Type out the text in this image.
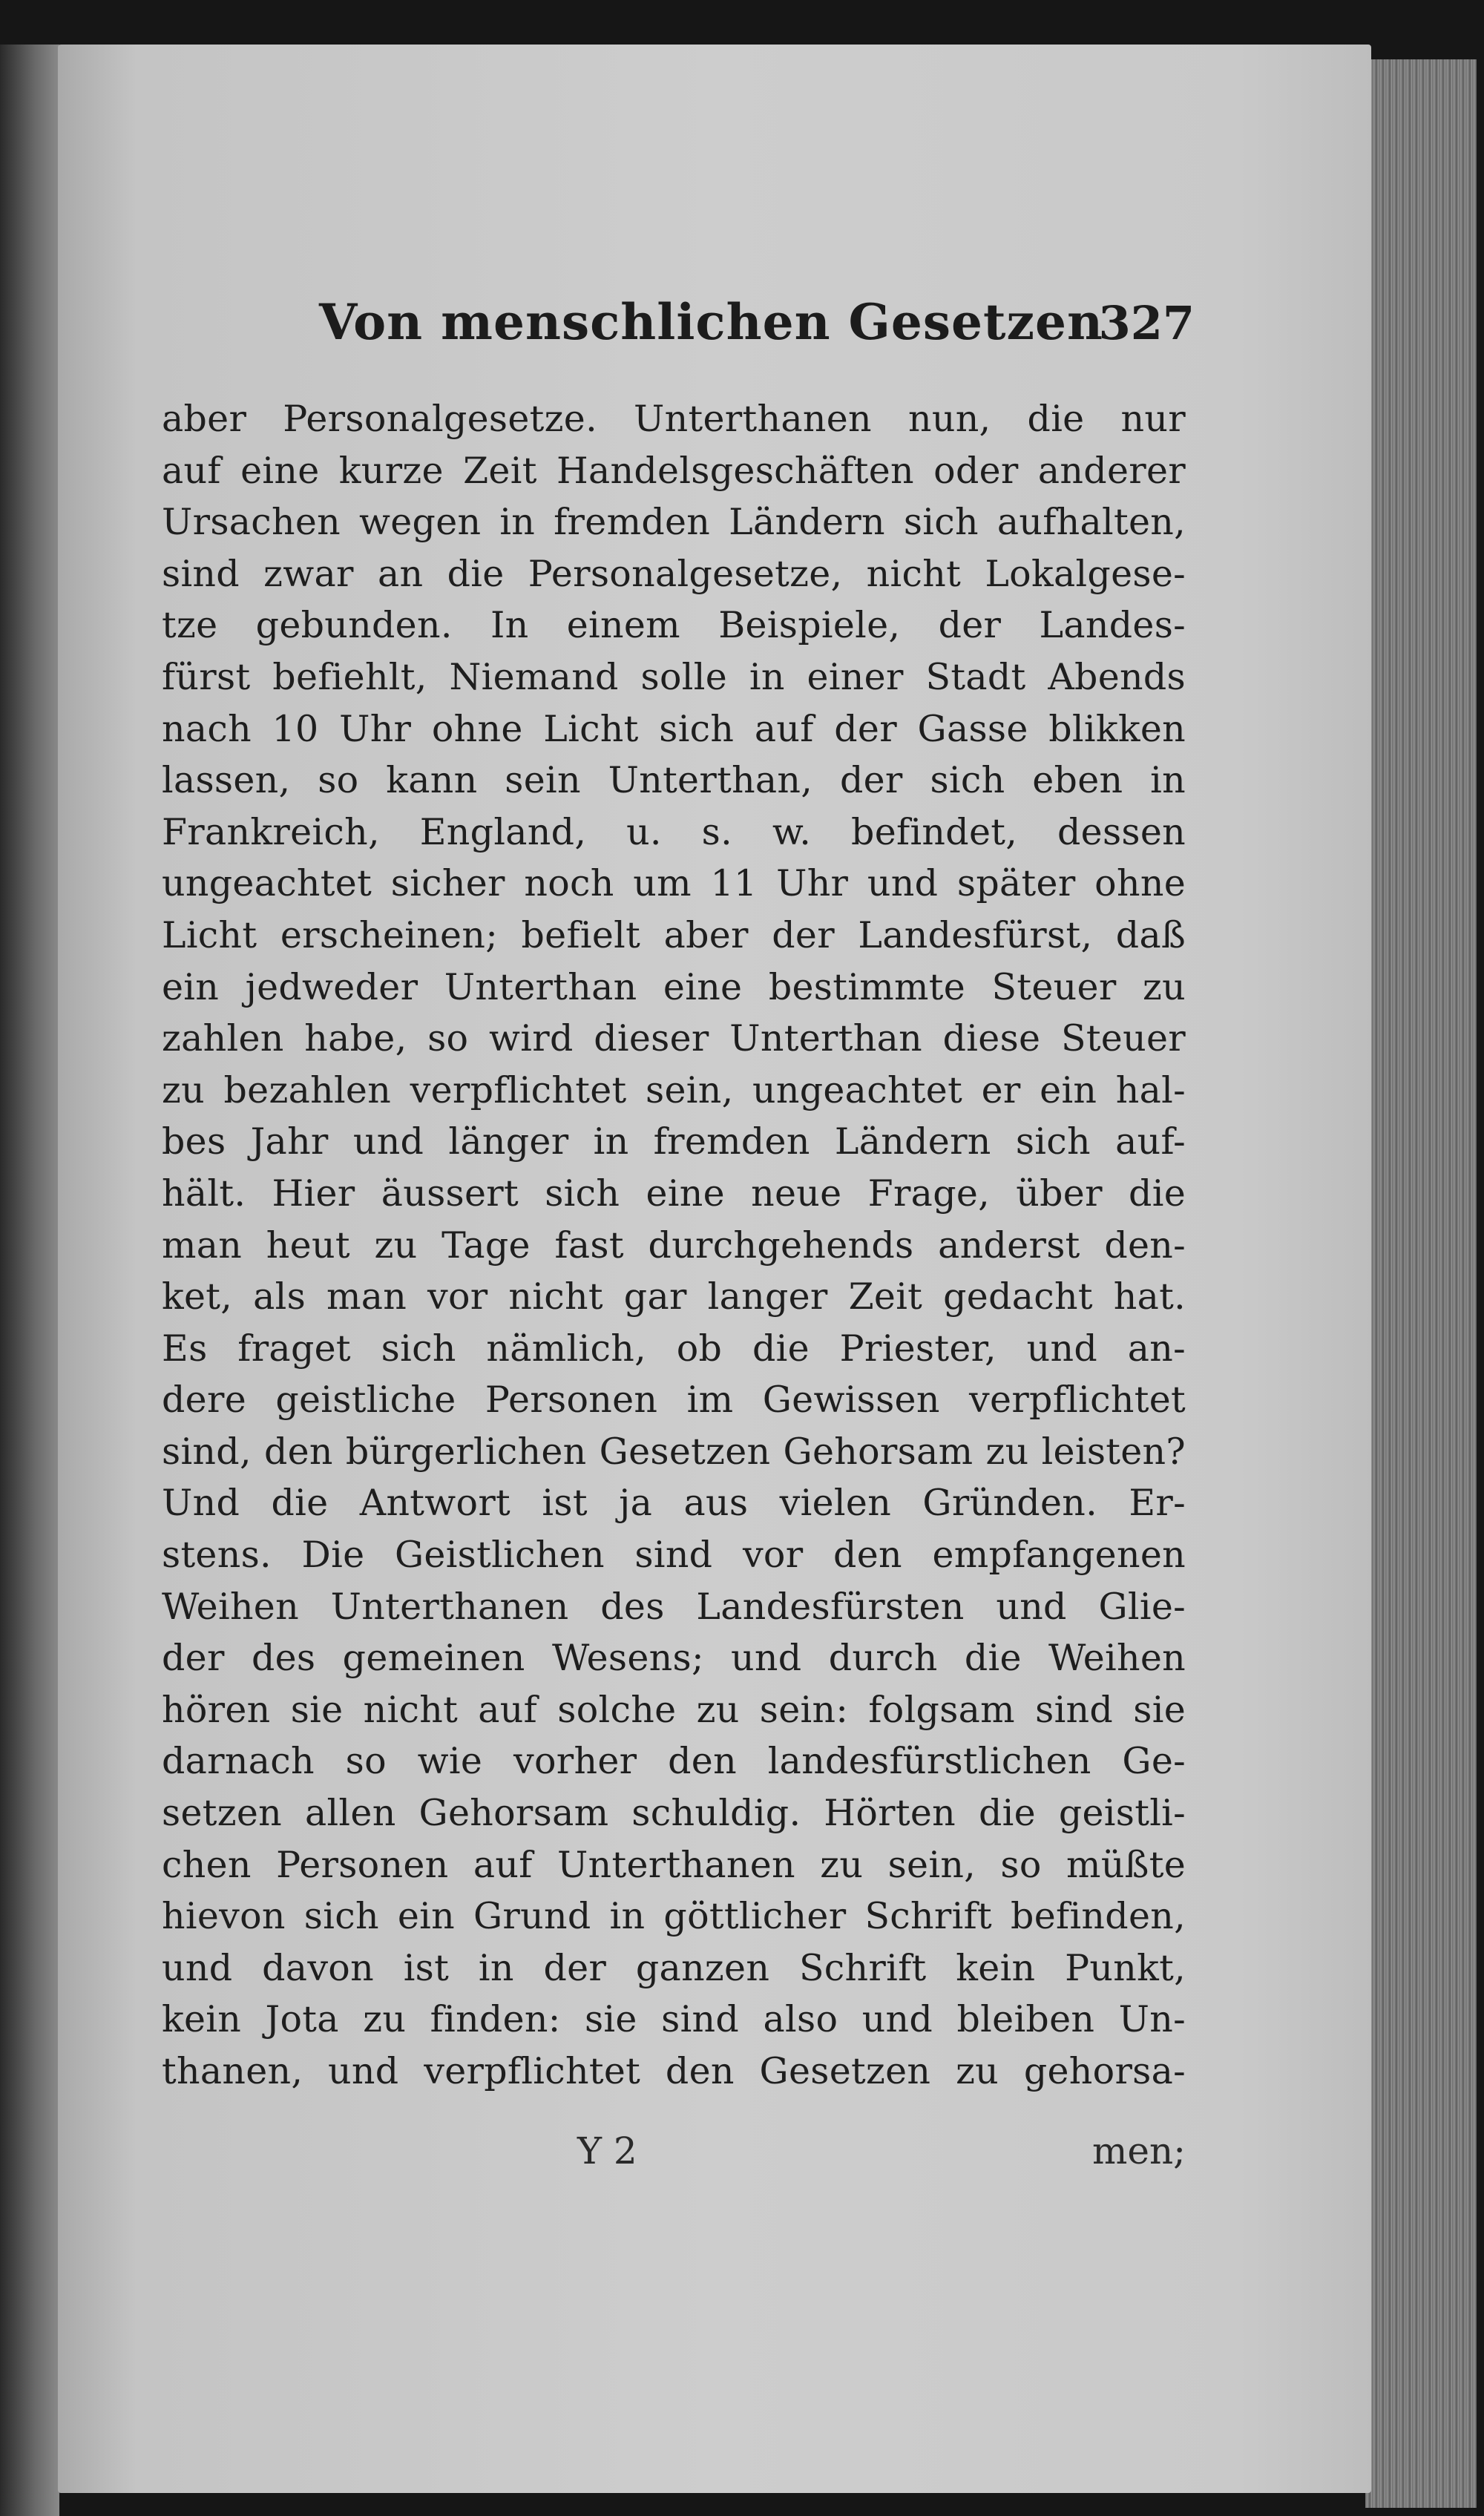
Von menschlichen Gesetzen
327
aber Personalgesetze. Unterthanen nun, die nur
auf eine kurze Zeit Handelsgeschäften oder anderer
Ursachen wegen in fremden Ländern sich aufhalten,
sind zwar an die Personalgesetze, nicht Lokalgese-
tze gebunden. In einem Beispiele, der Landes-
fürst befiehlt, Niemand solle in einer Stadt Abends
nach 10 Uhr ohne Licht sich auf der Gasse blikken
lassen, so kann sein Unterthan, der sich eben in
Frankreich, England, u. s. w. befindet, dessen
ungeachtet sicher noch um 11 Uhr und später ohne
Licht erscheinen; befielt aber der Landesfürst, daß
ein jedweder Unterthan eine bestimmte Steuer zu
zahlen habe, so wird dieser Unterthan diese Steuer
zu bezahlen verpflichtet sein, ungeachtet er ein hal-
bes Jahr und länger in fremden Ländern sich auf-
hält. Hier äussert sich eine neue Frage, über die
man heut zu Tage fast durchgehends anderst den-
ket, als man vor nicht gar langer Zeit gedacht hat.
Es fraget sich nämlich, ob die Priester, und an-
dere geistliche Personen im Gewissen verpflichtet
sind, den bürgerlichen Gesetzen Gehorsam zu leisten?
Und die Antwort ist ja aus vielen Gründen. Er-
stens. Die Geistlichen sind vor den empfangenen
Weihen Unterthanen des Landesfürsten und Glie-
der des gemeinen Wesens; und durch die Weihen
hören sie nicht auf solche zu sein: folgsam sind sie
darnach so wie vorher den landesfürstlichen Ge-
setzen allen Gehorsam schuldig. Hörten die geistli-
chen Personen auf Unterthanen zu sein, so müßte
hievon sich ein Grund in göttlicher Schrift befinden,
und davon ist in der ganzen Schrift kein Punkt,
kein Jota zu finden: sie sind also und bleiben Un-
thanen, und verpflichtet den Gesetzen zu gehorsa-
Y 2	men;
